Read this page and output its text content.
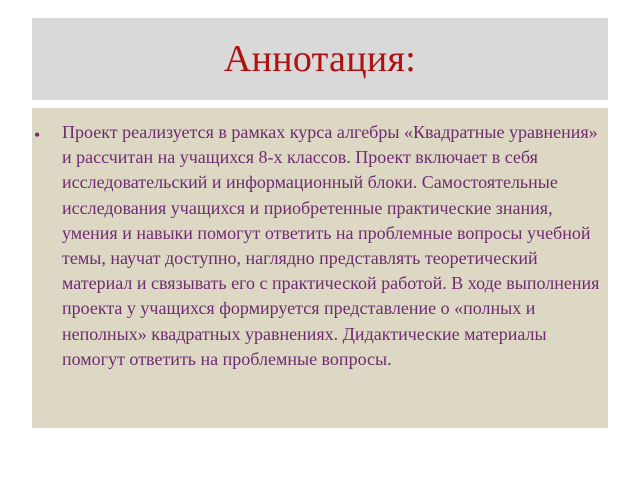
Аннотация:
• Проект реализуется в рамках курса алгебры «Квадратные уравнения» и рассчитан на учащихся 8-х классов. Проект включает в себя исследовательский и информационный блоки. Самостоятельные исследования учащихся и приобретенные практические знания, умения и навыки помогут ответить на проблемные вопросы учебной темы, научат доступно, наглядно представлять теоретический материал и связывать его с практической работой. В ходе выполнения проекта у учащихся формируется представление о «полных и неполных» квадратных уравнениях. Дидактические материалы помогут ответить на проблемные вопросы.
